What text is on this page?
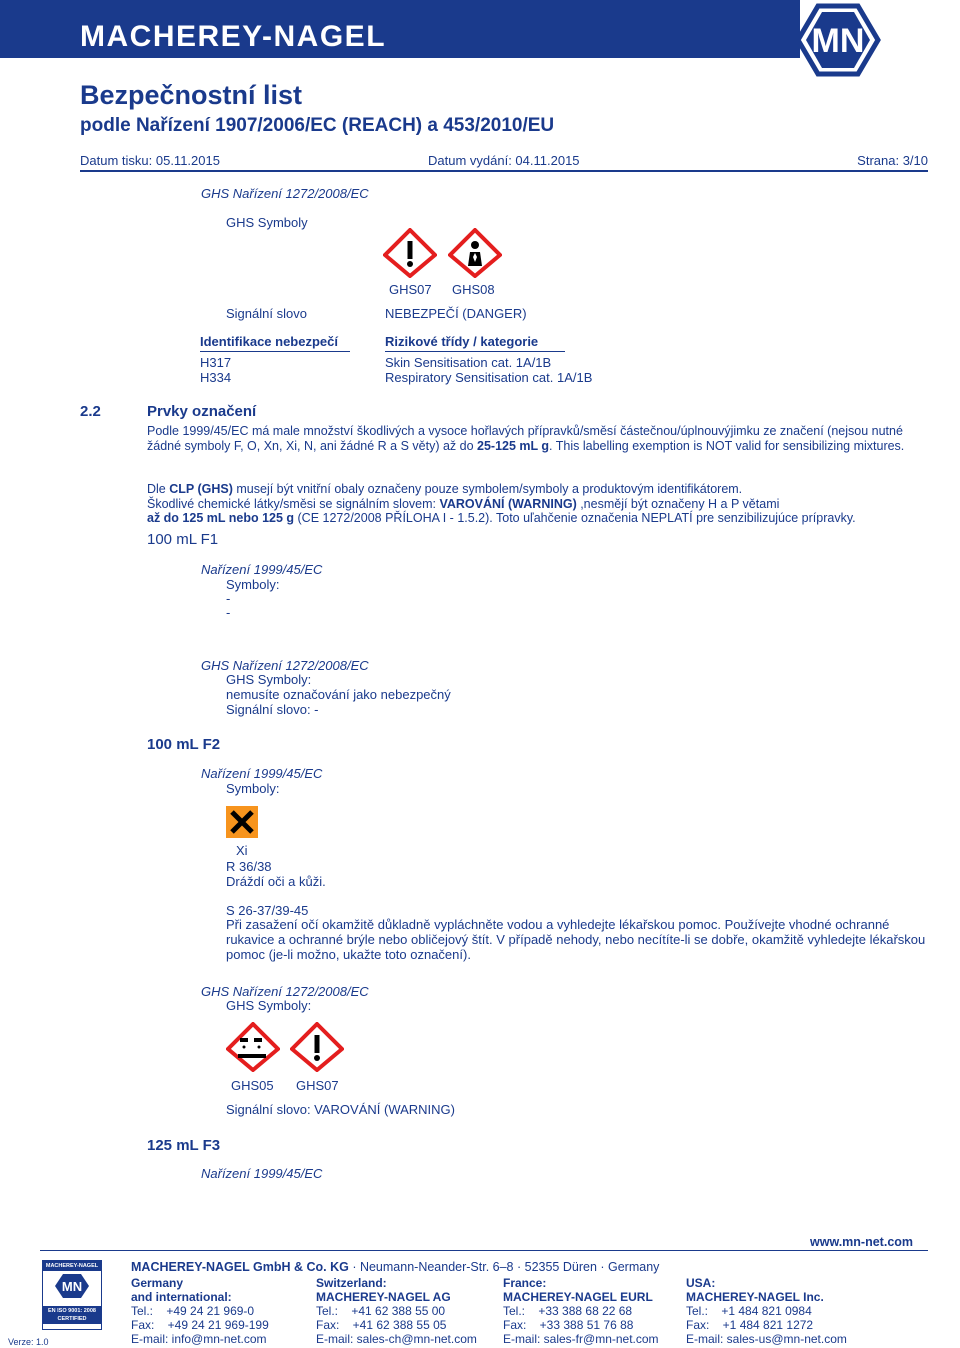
MACHEREY-NAGEL	MN
Bezpečnostní list
podle Nařízení 1907/2006/EC (REACH) a 453/2010/EU
Datum tisku: 05.11.2015	Datum vydání: 04.11.2015	Strana: 3/10
GHS Nařízení 1272/2008/EC
GHS Symboly
GHS07 GHS08
Signální slovo	NEBEZPEČÍ (DANGER)
Identifikace nebezpečí	Rizikové třídy / kategorie
H317	Skin Sensitisation cat. 1A/1B
H334	Respiratory Sensitisation cat. 1A/1B
2.2	Prvky označení
Podle 1999/45/EC má male množství škodlivých a vysoce hořlavých přípravků/směsí částečnou/úplnouvýjimku ze značení (nejsou nutné žádné symboly F, O, Xn, Xi, N, ani žádné R a S věty) až do 25-125 mL g. This labelling exemption is NOT valid for sensibilizing mixtures.
Dle CLP (GHS) musejí být vnitřní obaly označeny pouze symbolem/symboly a produktovým identifikátorem.
Škodlivé chemické látky/směsi se signálním slovem: VAROVÁNÍ (WARNING) ,nesmějí být označeny H a P větami
až do 125 mL nebo 125 g (CE 1272/2008 PŘÍLOHA I - 1.5.2). Toto uľahčenie označenia NEPLATÍ pre senzibilizujúce prípravky.
100 mL F1
Nařízení 1999/45/EC
Symboly:
-
-
GHS Nařízení 1272/2008/EC
GHS Symboly:
nemusíte označování jako nebezpečný
Signální slovo: -
100 mL F2
Nařízení 1999/45/EC
Symboly:
Xi
R 36/38
Dráždí oči a kůži.
S 26-37/39-45
Při zasažení očí okamžitě důkladně vypláchněte vodou a vyhledejte lékařskou pomoc. Používejte vhodné ochranné rukavice a ochranné brýle nebo obličejový štít. V případě nehody, nebo necítíte-li se dobře, okamžitě vyhledejte lékařskou pomoc (je-li možno, ukažte toto označení).
GHS Nařízení 1272/2008/EC
GHS Symboly:
GHS05 GHS07
Signální slovo: VAROVÁNÍ (WARNING)
125 mL F3
Nařízení 1999/45/EC
www.mn-net.com
MACHEREY-NAGEL
MN
EN ISO 9001: 2008
CERTIFIED
Verze: 1.0
MACHEREY-NAGEL GmbH & Co. KG · Neumann-Neander-Str. 6–8 · 52355 Düren · Germany
Germany
and international:
Tel.:    +49 24 21 969-0
Fax:    +49 24 21 969-199
E-mail: info@mn-net.com
Switzerland:
MACHEREY-NAGEL AG
Tel.:    +41 62 388 55 00
Fax:    +41 62 388 55 05
E-mail: sales-ch@mn-net.com
France:
MACHEREY-NAGEL EURL
Tel.:    +33 388 68 22 68
Fax:    +33 388 51 76 88
E-mail: sales-fr@mn-net.com
USA:
MACHEREY-NAGEL Inc.
Tel.:    +1 484 821 0984
Fax:    +1 484 821 1272
E-mail: sales-us@mn-net.com
